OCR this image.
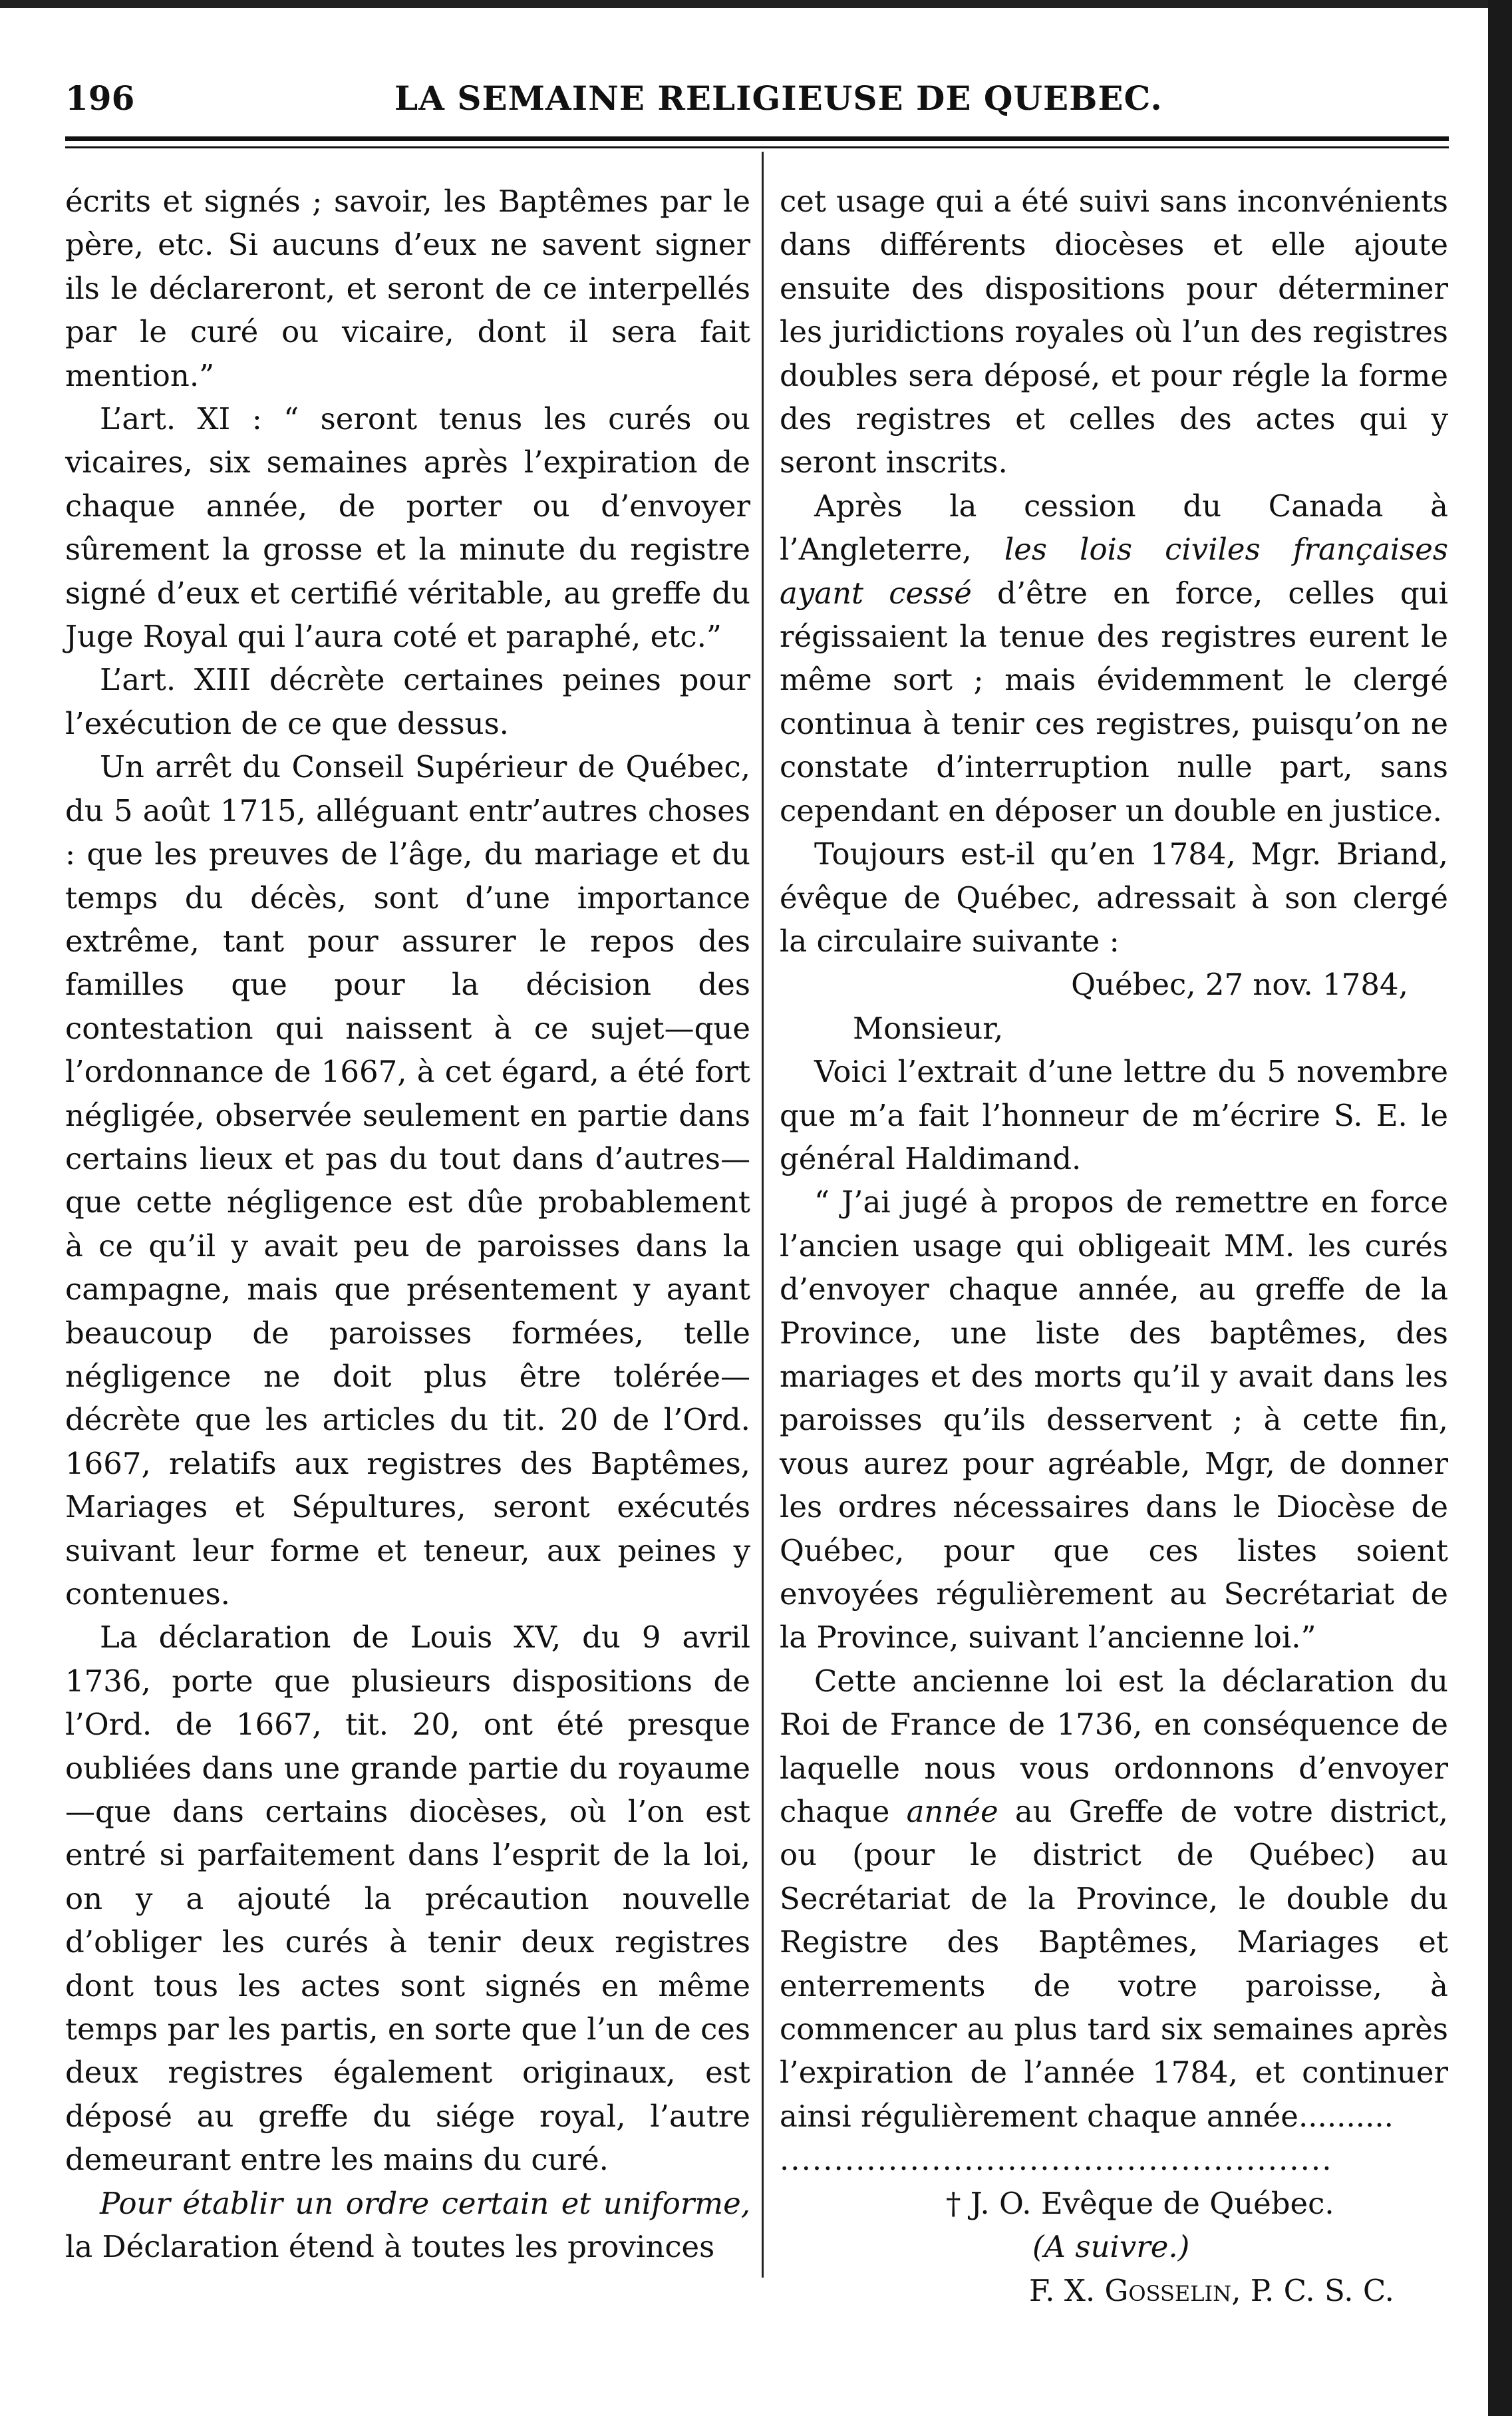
196	LA SEMAINE RELIGIEUSE DE QUEBEC.

écrits et signés ; savoir, les Baptêmes par le père, etc. Si aucuns d’eux ne savent signer ils le déclareront, et seront de ce interpellés par le curé ou vicaire, dont il sera fait mention.”

L’art. XI : “ seront tenus les curés ou vicaires, six semaines après l’expiration de chaque année, de porter ou d’envoyer sûrement la grosse et la minute du registre signé d’eux et certifié véritable, au greffe du Juge Royal qui l’aura coté et paraphé, etc.”

L’art. XIII décrète certaines peines pour l’exécution de ce que dessus.

Un arrêt du Conseil Supérieur de Québec, du 5 août 1715, alléguant entr’autres choses : que les preuves de l’âge, du mariage et du temps du décès, sont d’une importance extrême, tant pour assurer le repos des familles que pour la décision des contestation qui naissent à ce sujet—que l’ordonnance de 1667, à cet égard, a été fort négligée, observée seulement en partie dans certains lieux et pas du tout dans d’autres—que cette négligence est dûe probablement à ce qu’il y avait peu de paroisses dans la campagne, mais que présentement y ayant beaucoup de paroisses formées, telle négligence ne doit plus être tolérée—décrète que les articles du tit. 20 de l’Ord. 1667, relatifs aux registres des Baptêmes, Mariages et Sépultures, seront exécutés suivant leur forme et teneur, aux peines y contenues.

La déclaration de Louis XV, du 9 avril 1736, porte que plusieurs dispositions de l’Ord. de 1667, tit. 20, ont été presque oubliées dans une grande partie du royaume —que dans certains diocèses, où l’on est entré si parfaitement dans l’esprit de la loi, on y a ajouté la précaution nouvelle d’obliger les curés à tenir deux registres dont tous les actes sont signés en même temps par les partis, en sorte que l’un de ces deux registres également originaux, est déposé au greffe du siége royal, l’autre demeurant entre les mains du curé.

Pour établir un ordre certain et uniforme, la Déclaration étend à toutes les provinces

cet usage qui a été suivi sans inconvénients dans différents diocèses et elle ajoute ensuite des dispositions pour déterminer les juridictions royales où l’un des registres doubles sera déposé, et pour régle la forme des registres et celles des actes qui y seront inscrits.

Après la cession du Canada à l’Angleterre, les lois civiles françaises ayant cessé d’être en force, celles qui régissaient la tenue des registres eurent le même sort ; mais évidemment le clergé continua à tenir ces registres, puisqu’on ne constate d’interruption nulle part, sans cependant en déposer un double en justice.

Toujours est-il qu’en 1784, Mgr. Briand, évêque de Québec, adressait à son clergé la circulaire suivante :

Québec, 27 nov. 1784,

Monsieur,

Voici l’extrait d’une lettre du 5 novembre que m’a fait l’honneur de m’écrire S. E. le général Haldimand.

“ J’ai jugé à propos de remettre en force l’ancien usage qui obligeait MM. les curés d’envoyer chaque année, au greffe de la Province, une liste des baptêmes, des mariages et des morts qu’il y avait dans les paroisses qu’ils desservent ; à cette fin, vous aurez pour agréable, Mgr, de donner les ordres nécessaires dans le Diocèse de Québec, pour que ces listes soient envoyées régulièrement au Secrétariat de la Province, suivant l’ancienne loi.”

Cette ancienne loi est la déclaration du Roi de France de 1736, en conséquence de laquelle nous vous ordonnons d’envoyer chaque année au Greffe de votre district, ou (pour le district de Québec) au Secrétariat de la Province, le double du Registre des Baptêmes, Mariages et enterrements de votre paroisse, à commencer au plus tard six semaines après l’expiration de l’année 1784, et continuer ainsi régulièrement chaque année..........

...................................................

† J. O. Evêque de Québec.

(A suivre.)

F. X. Gosselin, P. C. S. C.
